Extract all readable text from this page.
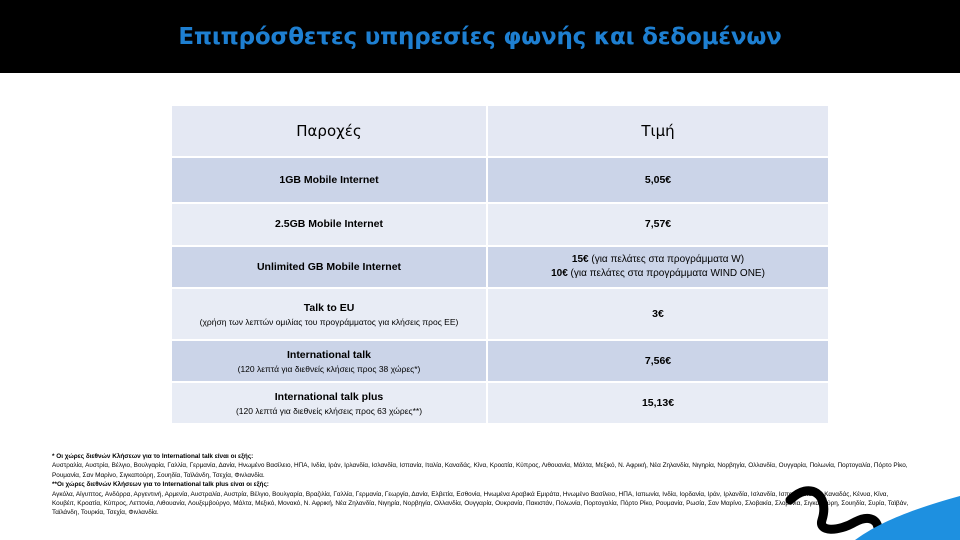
Επιπρόσθετες υπηρεσίες φωνής και δεδομένων
Παροχές	Τιμή

1GB Mobile Internet	5,05€

2.5GB Mobile Internet	7,57€

Unlimited GB Mobile Internet	15€ (για πελάτες στα προγράμματα W)
10€ (για πελάτες στα προγράμματα WIND ONE)

Talk to EU
(χρήση των λεπτών ομιλίας του προγράμματος για κλήσεις προς ΕΕ)	3€

International talk
(120 λεπτά για διεθνείς κλήσεις προς 38 χώρες*)	7,56€

International talk plus
(120 λεπτά για διεθνείς κλήσεις προς 63 χώρες**)	15,13€
* Οι χώρες διεθνών Κλήσεων για το International talk είναι οι εξής:
Αυστραλία, Αυστρία, Βέλγιο, Βουλγαρία, Γαλλία, Γερμανία, Δανία, Ηνωμένο Βασίλειο, ΗΠΑ, Ινδία, Ιράν, Ιρλανδία, Ισλανδία, Ισπανία, Ιταλία, Καναδάς, Κίνα, Κροατία, Κύπρος, Λιθουανία, Μάλτα, Μεξικό, Ν. Αφρική, Νέα Ζηλανδία, Νιγηρία, Νορβηγία, Ολλανδία, Ουγγαρία, Πολωνία, Πορτογαλία, Πόρτο Ρίκο, Ρουμανία, Σαν Μαρίνο, Σιγκαπούρη, Σουηδία, Ταϊλάνδη, Τσεχία, Φινλανδία.
**Οι χώρες διεθνών Κλήσεων για το International talk plus είναι οι εξής:
Αγκόλα, Αίγυπτος, Ανδόρρα, Αργεντινή, Αρμενία, Αυστραλία, Αυστρία, Βέλγιο, Βουλγαρία, Βραζιλία, Γαλλία, Γερμανία, Γεωργία, Δανία, Ελβετία, Εσθονία, Ηνωμένα Αραβικά Εμιράτα, Ηνωμένο Βασίλειο, ΗΠΑ, Ιαπωνία, Ινδία, Ιορδανία, Ιράν, Ιρλανδία, Ισλανδία, Ισπανία, Ιταλία, Καναδάς, Κένυα, Κίνα, Κουβέιτ, Κροατία, Κύπρος, Λεττονία, Λιθουανία, Λουξεμβούργο, Μάλτα, Μεξικό, Μονακό, Ν. Αφρική, Νέα Ζηλανδία, Νιγηρία, Νορβηγία, Ολλανδία, Ουγγαρία, Ουκρανία, Πακιστάν, Πολωνία, Πορτογαλία, Πόρτο Ρίκο, Ρουμανία, Ρωσία, Σαν Μαρίνο, Σλοβακία, Σλοβενία, Σιγκαπούρη, Σουηδία, Συρία, Ταϊβάν, Ταϊλάνδη, Τουρκία, Τσεχία, Φινλανδία.
